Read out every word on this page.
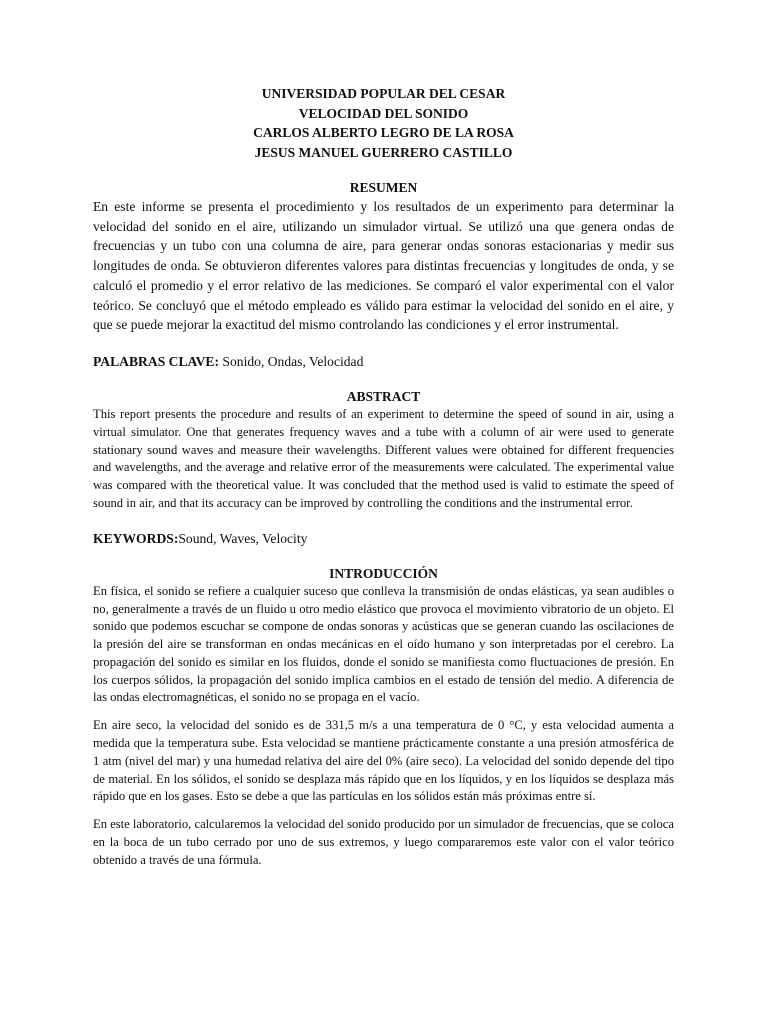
UNIVERSIDAD POPULAR DEL CESAR
VELOCIDAD DEL SONIDO
CARLOS ALBERTO LEGRO DE LA ROSA
JESUS MANUEL GUERRERO CASTILLO
RESUMEN

En este informe se presenta el procedimiento y los resultados de un experimento para determinar la velocidad del sonido en el aire, utilizando un simulador virtual. Se utilizó una que genera ondas de frecuencias y un tubo con una columna de aire, para generar ondas sonoras estacionarias y medir sus longitudes de onda. Se obtuvieron diferentes valores para distintas frecuencias y longitudes de onda, y se calculó el promedio y el error relativo de las mediciones. Se comparó el valor experimental con el valor teórico. Se concluyó que el método empleado es válido para estimar la velocidad del sonido en el aire, y que se puede mejorar la exactitud del mismo controlando las condiciones y el error instrumental.

PALABRAS CLAVE: Sonido, Ondas, Velocidad

ABSTRACT

This report presents the procedure and results of an experiment to determine the speed of sound in air, using a virtual simulator. One that generates frequency waves and a tube with a column of air were used to generate stationary sound waves and measure their wavelengths. Different values were obtained for different frequencies and wavelengths, and the average and relative error of the measurements were calculated. The experimental value was compared with the theoretical value. It was concluded that the method used is valid to estimate the speed of sound in air, and that its accuracy can be improved by controlling the conditions and the instrumental error.

KEYWORDS:Sound, Waves, Velocity

INTRODUCCIÓN

En física, el sonido se refiere a cualquier suceso que conlleva la transmisión de ondas elásticas, ya sean audibles o no, generalmente a través de un fluido u otro medio elástico que provoca el movimiento vibratorio de un objeto. El sonido que podemos escuchar se compone de ondas sonoras y acústicas que se generan cuando las oscilaciones de la presión del aire se transforman en ondas mecánicas en el oído humano y son interpretadas por el cerebro. La propagación del sonido es similar en los fluidos, donde el sonido se manifiesta como fluctuaciones de presión. En los cuerpos sólidos, la propagación del sonido implica cambios en el estado de tensión del medio. A diferencia de las ondas electromagnéticas, el sonido no se propaga en el vacío.

En aire seco, la velocidad del sonido es de 331,5 m/s a una temperatura de 0 °C, y esta velocidad aumenta a medida que la temperatura sube. Esta velocidad se mantiene prácticamente constante a una presión atmosférica de 1 atm (nivel del mar) y una humedad relativa del aire del 0% (aire seco). La velocidad del sonido depende del tipo de material. En los sólidos, el sonido se desplaza más rápido que en los líquidos, y en los líquidos se desplaza más rápido que en los gases. Esto se debe a que las partículas en los sólidos están más próximas entre sí.

En este laboratorio, calcularemos la velocidad del sonido producido por un simulador de frecuencias, que se coloca en la boca de un tubo cerrado por uno de sus extremos, y luego compararemos este valor con el valor teórico obtenido a través de una fórmula.
